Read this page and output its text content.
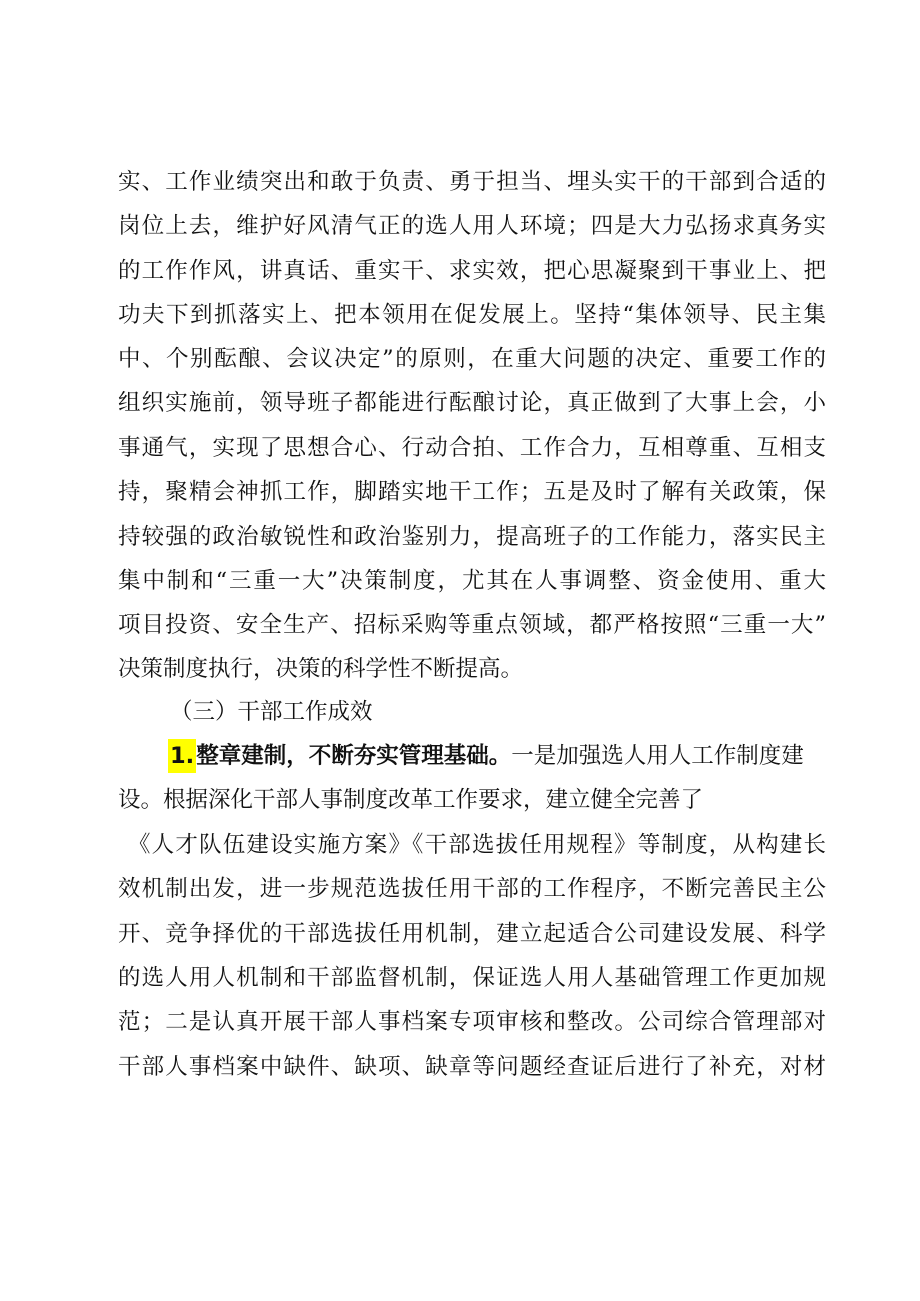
实、工作业绩突出和敢于负责、勇于担当、埋头实干的干部到合适的
岗位上去，维护好风清气正的选人用人环境；四是大力弘扬求真务实
的工作作风，讲真话、重实干、求实效，把心思凝聚到干事业上、把
功夫下到抓落实上、把本领用在促发展上。坚持“集体领导、民主集
中、个别酝酿、会议决定”的原则，在重大问题的决定、重要工作的
组织实施前，领导班子都能进行酝酿讨论，真正做到了大事上会，小
事通气，实现了思想合心、行动合拍、工作合力，互相尊重、互相支
持，聚精会神抓工作，脚踏实地干工作；五是及时了解有关政策，保
持较强的政治敏锐性和政治鉴别力，提高班子的工作能力，落实民主
集中制和“三重一大”决策制度，尤其在人事调整、资金使用、重大
项目投资、安全生产、招标采购等重点领域，都严格按照“三重一大”
决策制度执行，决策的科学性不断提高。
（三）干部工作成效
1.整章建制，不断夯实管理基础。一是加强选人用人工作制度建
设。根据深化干部人事制度改革工作要求，建立健全完善了
《人才队伍建设实施方案》《干部选拔任用规程》等制度，从构建长
效机制出发，进一步规范选拔任用干部的工作程序，不断完善民主公
开、竞争择优的干部选拔任用机制，建立起适合公司建设发展、科学
的选人用人机制和干部监督机制，保证选人用人基础管理工作更加规
范；二是认真开展干部人事档案专项审核和整改。公司综合管理部对
干部人事档案中缺件、缺项、缺章等问题经查证后进行了补充，对材
